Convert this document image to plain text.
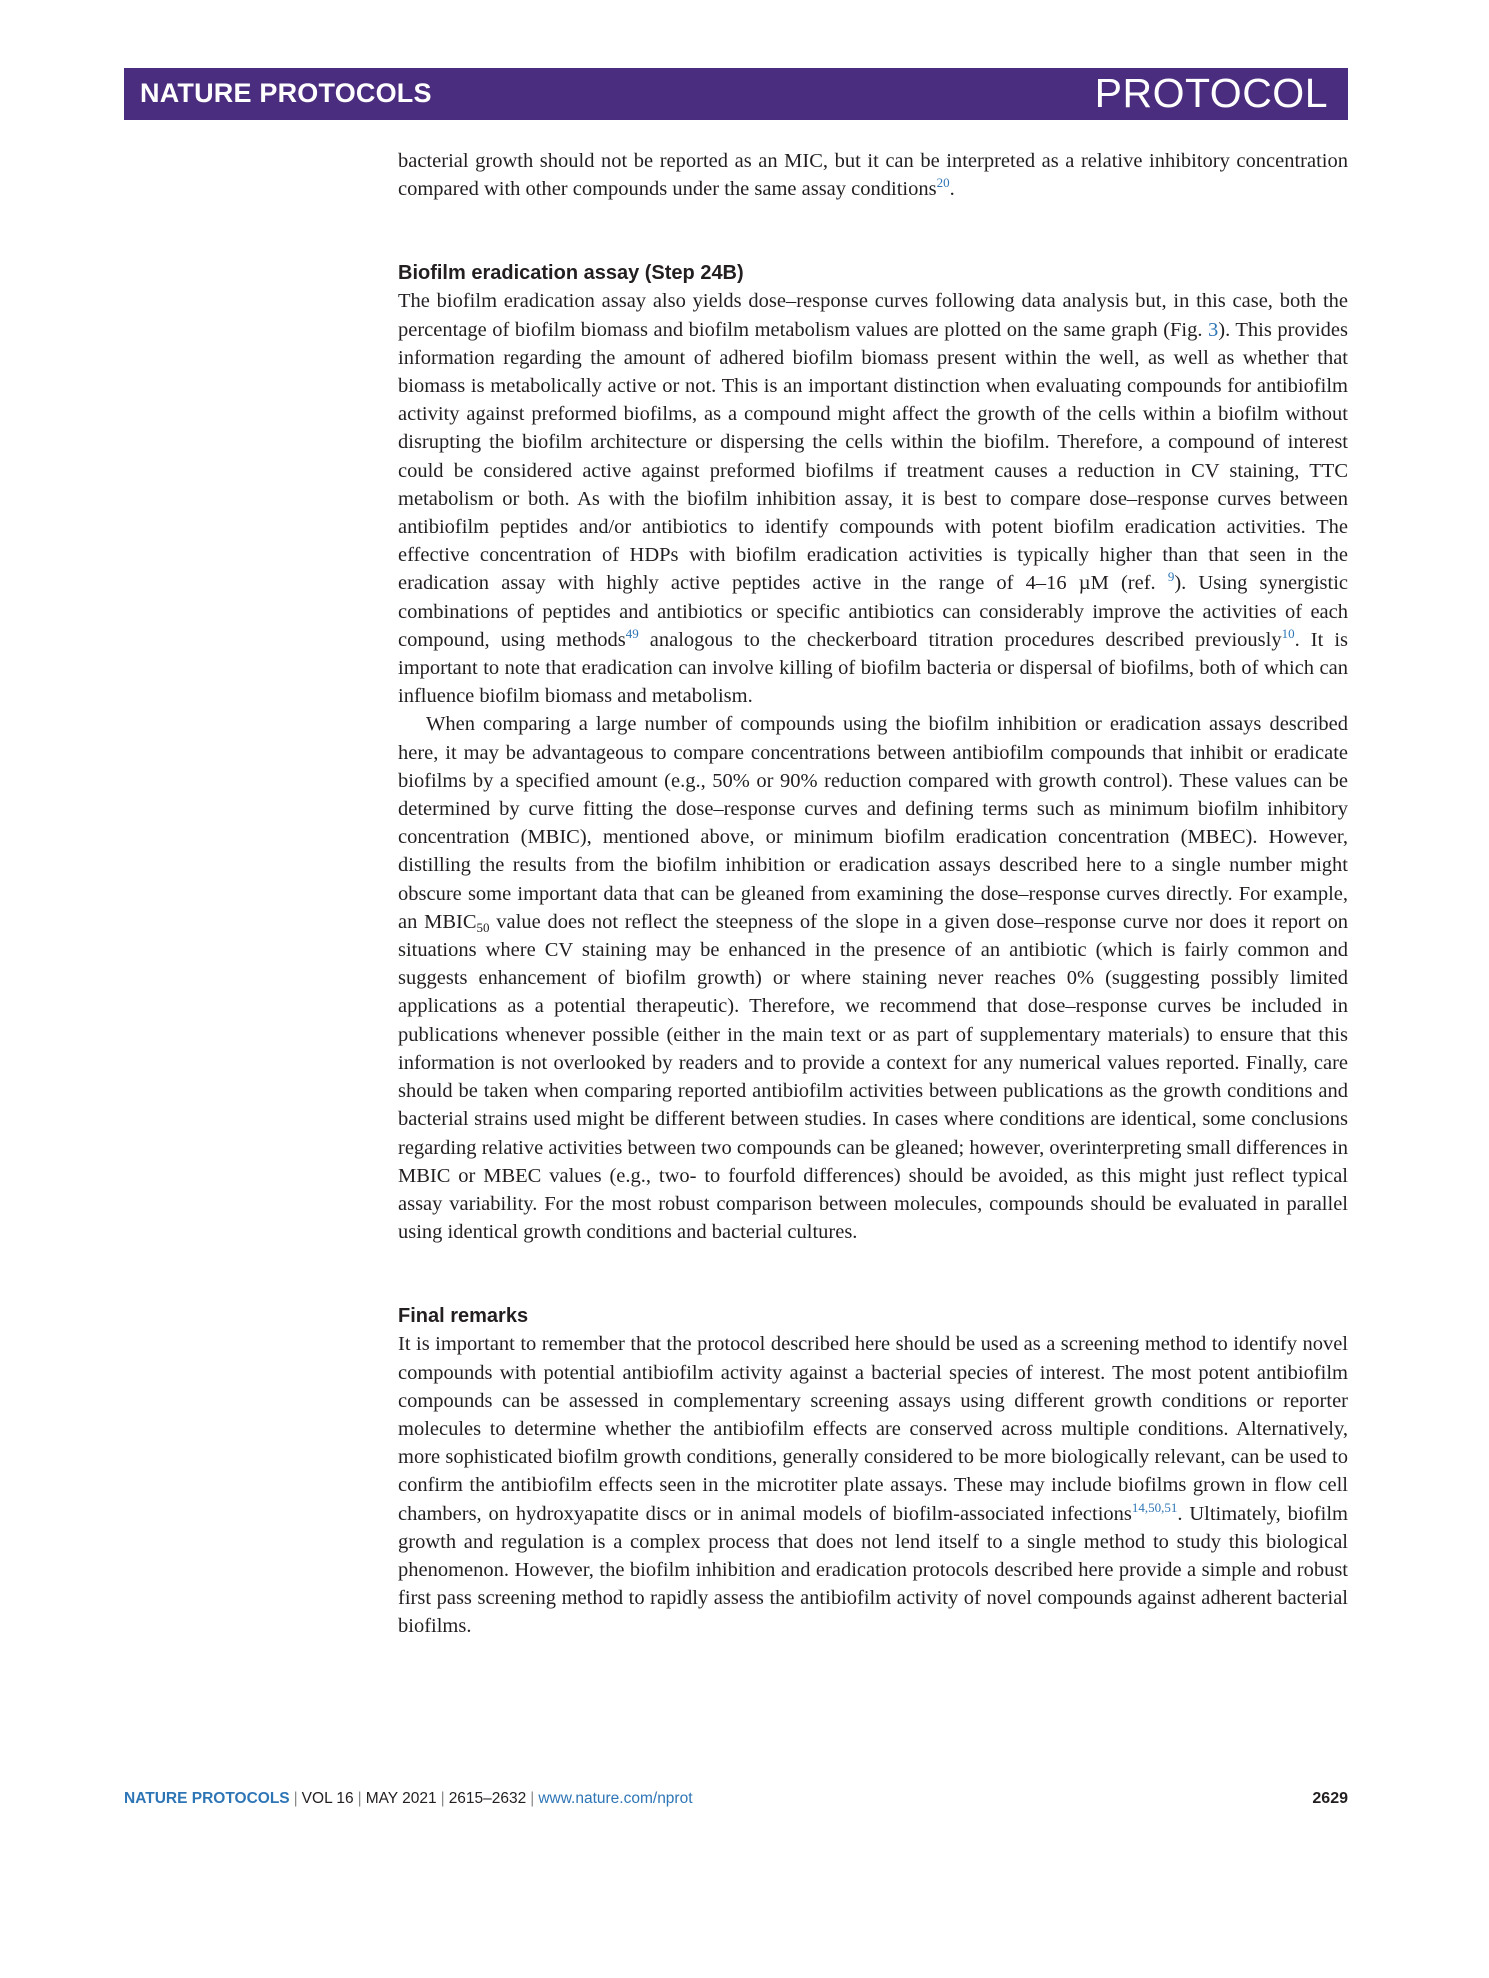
NATURE PROTOCOLS	PROTOCOL

bacterial growth should not be reported as an MIC, but it can be interpreted as a relative inhibitory concentration compared with other compounds under the same assay conditions$^{20}$.

Biofilm eradication assay (Step 24B)

The biofilm eradication assay also yields dose–response curves following data analysis but, in this case, both the percentage of biofilm biomass and biofilm metabolism values are plotted on the same graph (Fig. 3). This provides information regarding the amount of adhered biofilm biomass present within the well, as well as whether that biomass is metabolically active or not. This is an important distinction when evaluating compounds for antibiofilm activity against preformed biofilms, as a compound might affect the growth of the cells within a biofilm without disrupting the biofilm architecture or dispersing the cells within the biofilm. Therefore, a compound of interest could be considered active against preformed biofilms if treatment causes a reduction in CV staining, TTC metabolism or both. As with the biofilm inhibition assay, it is best to compare dose–response curves between antibiofilm peptides and/or antibiotics to identify compounds with potent biofilm eradication activities. The effective concentration of HDPs with biofilm eradication activities is typically higher than that seen in the eradication assay with highly active peptides active in the range of 4–16 µM (ref. $^9$). Using synergistic combinations of peptides and antibiotics or specific antibiotics can considerably improve the activities of each compound, using methods$^{49}$ analogous to the checkerboard titration procedures described previously$^{10}$. It is important to note that eradication can involve killing of biofilm bacteria or dispersal of biofilms, both of which can influence biofilm biomass and metabolism.

When comparing a large number of compounds using the biofilm inhibition or eradication assays described here, it may be advantageous to compare concentrations between antibiofilm compounds that inhibit or eradicate biofilms by a specified amount (e.g., 50% or 90% reduction compared with growth control). These values can be determined by curve fitting the dose–response curves and defining terms such as minimum biofilm inhibitory concentration (MBIC), mentioned above, or minimum biofilm eradication concentration (MBEC). However, distilling the results from the biofilm inhibition or eradication assays described here to a single number might obscure some important data that can be gleaned from examining the dose–response curves directly. For example, an $MBIC_{50}$ value does not reflect the steepness of the slope in a given dose–response curve nor does it report on situations where CV staining may be enhanced in the presence of an antibiotic (which is fairly common and suggests enhancement of biofilm growth) or where staining never reaches 0% (suggesting possibly limited applications as a potential therapeutic). Therefore, we recommend that dose–response curves be included in publications whenever possible (either in the main text or as part of supplementary materials) to ensure that this information is not overlooked by readers and to provide a context for any numerical values reported. Finally, care should be taken when comparing reported antibiofilm activities between publications as the growth conditions and bacterial strains used might be different between studies. In cases where conditions are identical, some conclusions regarding relative activities between two compounds can be gleaned; however, overinterpreting small differences in MBIC or MBEC values (e.g., two- to fourfold differences) should be avoided, as this might just reflect typical assay variability. For the most robust comparison between molecules, compounds should be evaluated in parallel using identical growth conditions and bacterial cultures.

Final remarks

It is important to remember that the protocol described here should be used as a screening method to identify novel compounds with potential antibiofilm activity against a bacterial species of interest. The most potent antibiofilm compounds can be assessed in complementary screening assays using different growth conditions or reporter molecules to determine whether the antibiofilm effects are conserved across multiple conditions. Alternatively, more sophisticated biofilm growth conditions, generally considered to be more biologically relevant, can be used to confirm the antibiofilm effects seen in the microtiter plate assays. These may include biofilms grown in flow cell chambers, on hydroxyapatite discs or in animal models of biofilm-associated infections$^{14,50,51}$. Ultimately, biofilm growth and regulation is a complex process that does not lend itself to a single method to study this biological phenomenon. However, the biofilm inhibition and eradication protocols described here provide a simple and robust first pass screening method to rapidly assess the antibiofilm activity of novel compounds against adherent bacterial biofilms.

NATURE PROTOCOLS | VOL 16 | MAY 2021 | 2615–2632 | www.nature.com/nprot	2629
